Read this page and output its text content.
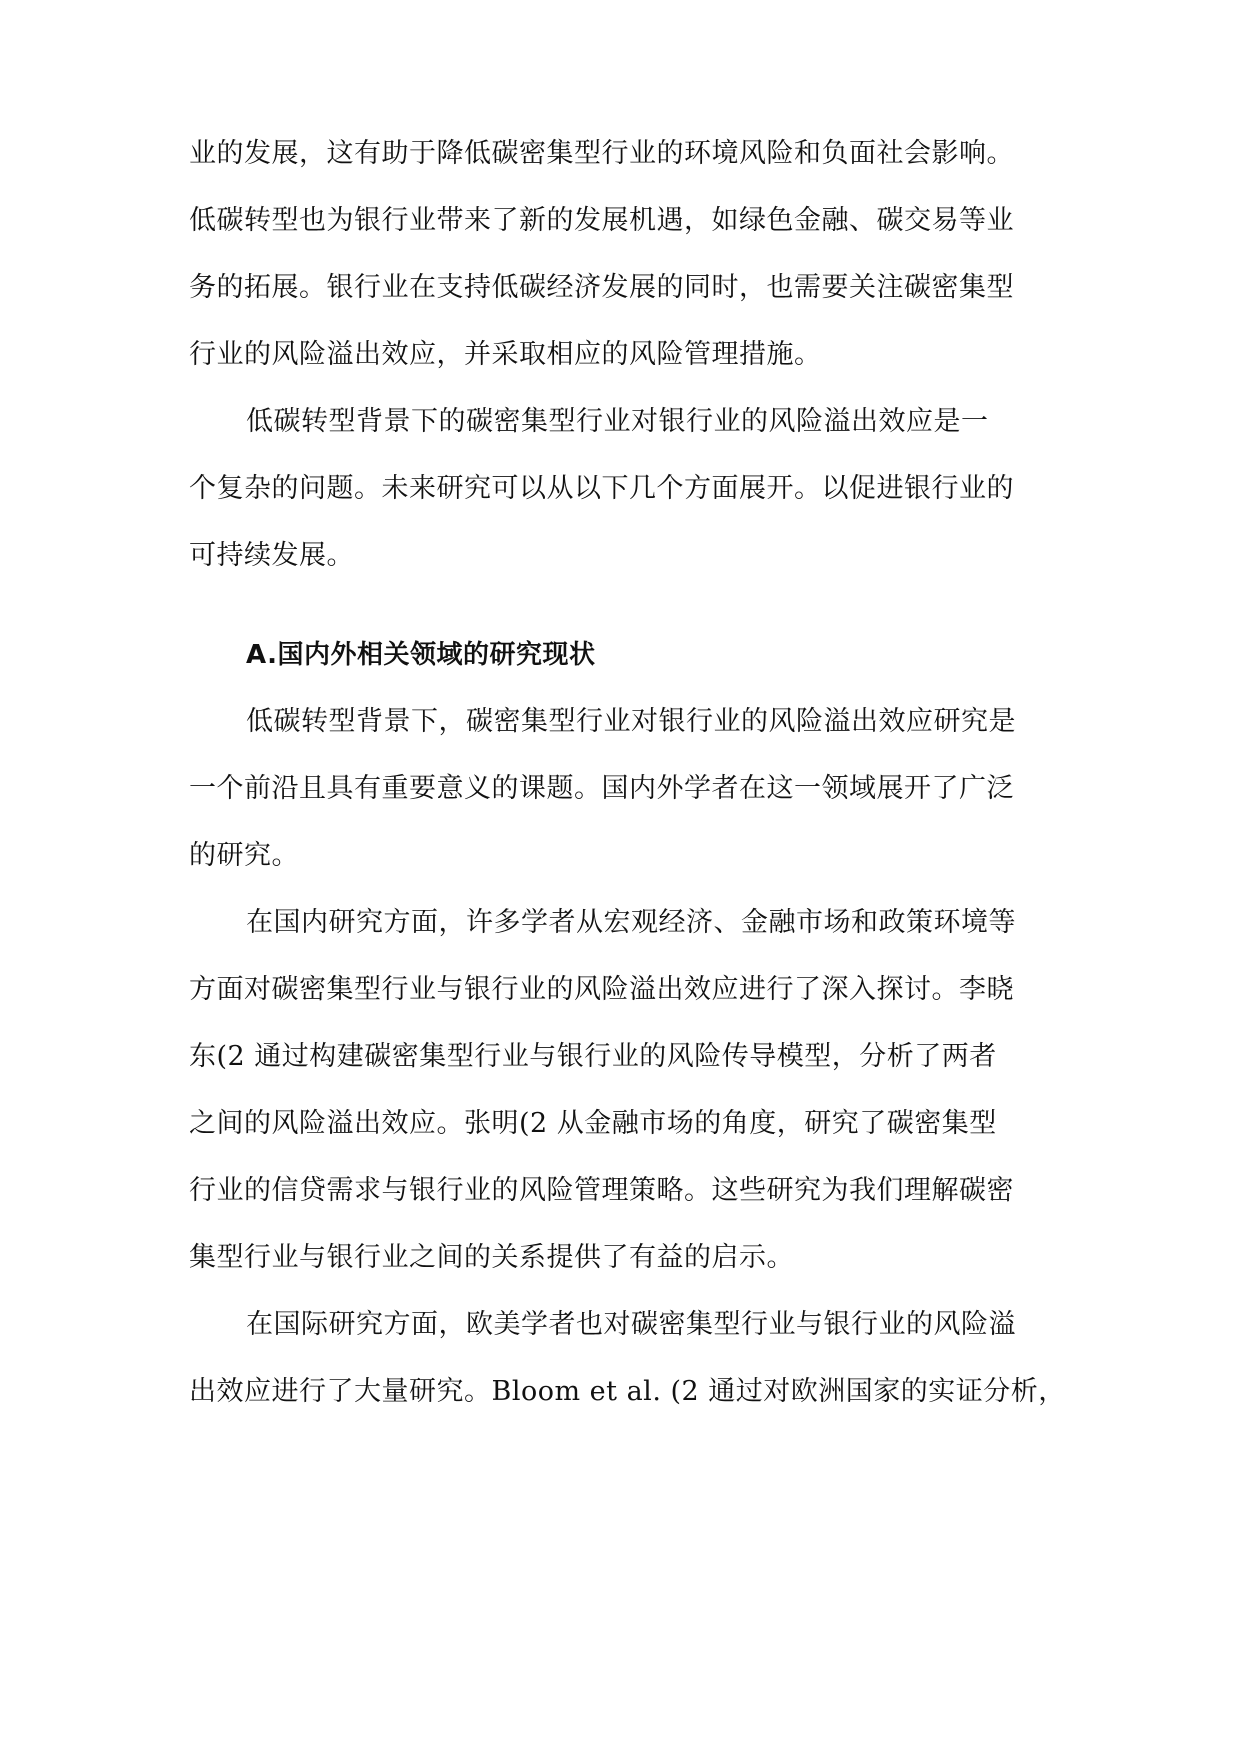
业的发展，这有助于降低碳密集型行业的环境风险和负面社会影响。
低碳转型也为银行业带来了新的发展机遇，如绿色金融、碳交易等业
务的拓展。银行业在支持低碳经济发展的同时，也需要关注碳密集型
行业的风险溢出效应，并采取相应的风险管理措施。
低碳转型背景下的碳密集型行业对银行业的风险溢出效应是一
个复杂的问题。未来研究可以从以下几个方面展开。以促进银行业的
可持续发展。
A.国内外相关领域的研究现状
低碳转型背景下，碳密集型行业对银行业的风险溢出效应研究是
一个前沿且具有重要意义的课题。国内外学者在这一领域展开了广泛
的研究。
在国内研究方面，许多学者从宏观经济、金融市场和政策环境等
方面对碳密集型行业与银行业的风险溢出效应进行了深入探讨。李晓
东(2 通过构建碳密集型行业与银行业的风险传导模型，分析了两者
之间的风险溢出效应。张明(2 从金融市场的角度，研究了碳密集型
行业的信贷需求与银行业的风险管理策略。这些研究为我们理解碳密
集型行业与银行业之间的关系提供了有益的启示。
在国际研究方面，欧美学者也对碳密集型行业与银行业的风险溢
出效应进行了大量研究。Bloom et al. (2 通过对欧洲国家的实证分析，
